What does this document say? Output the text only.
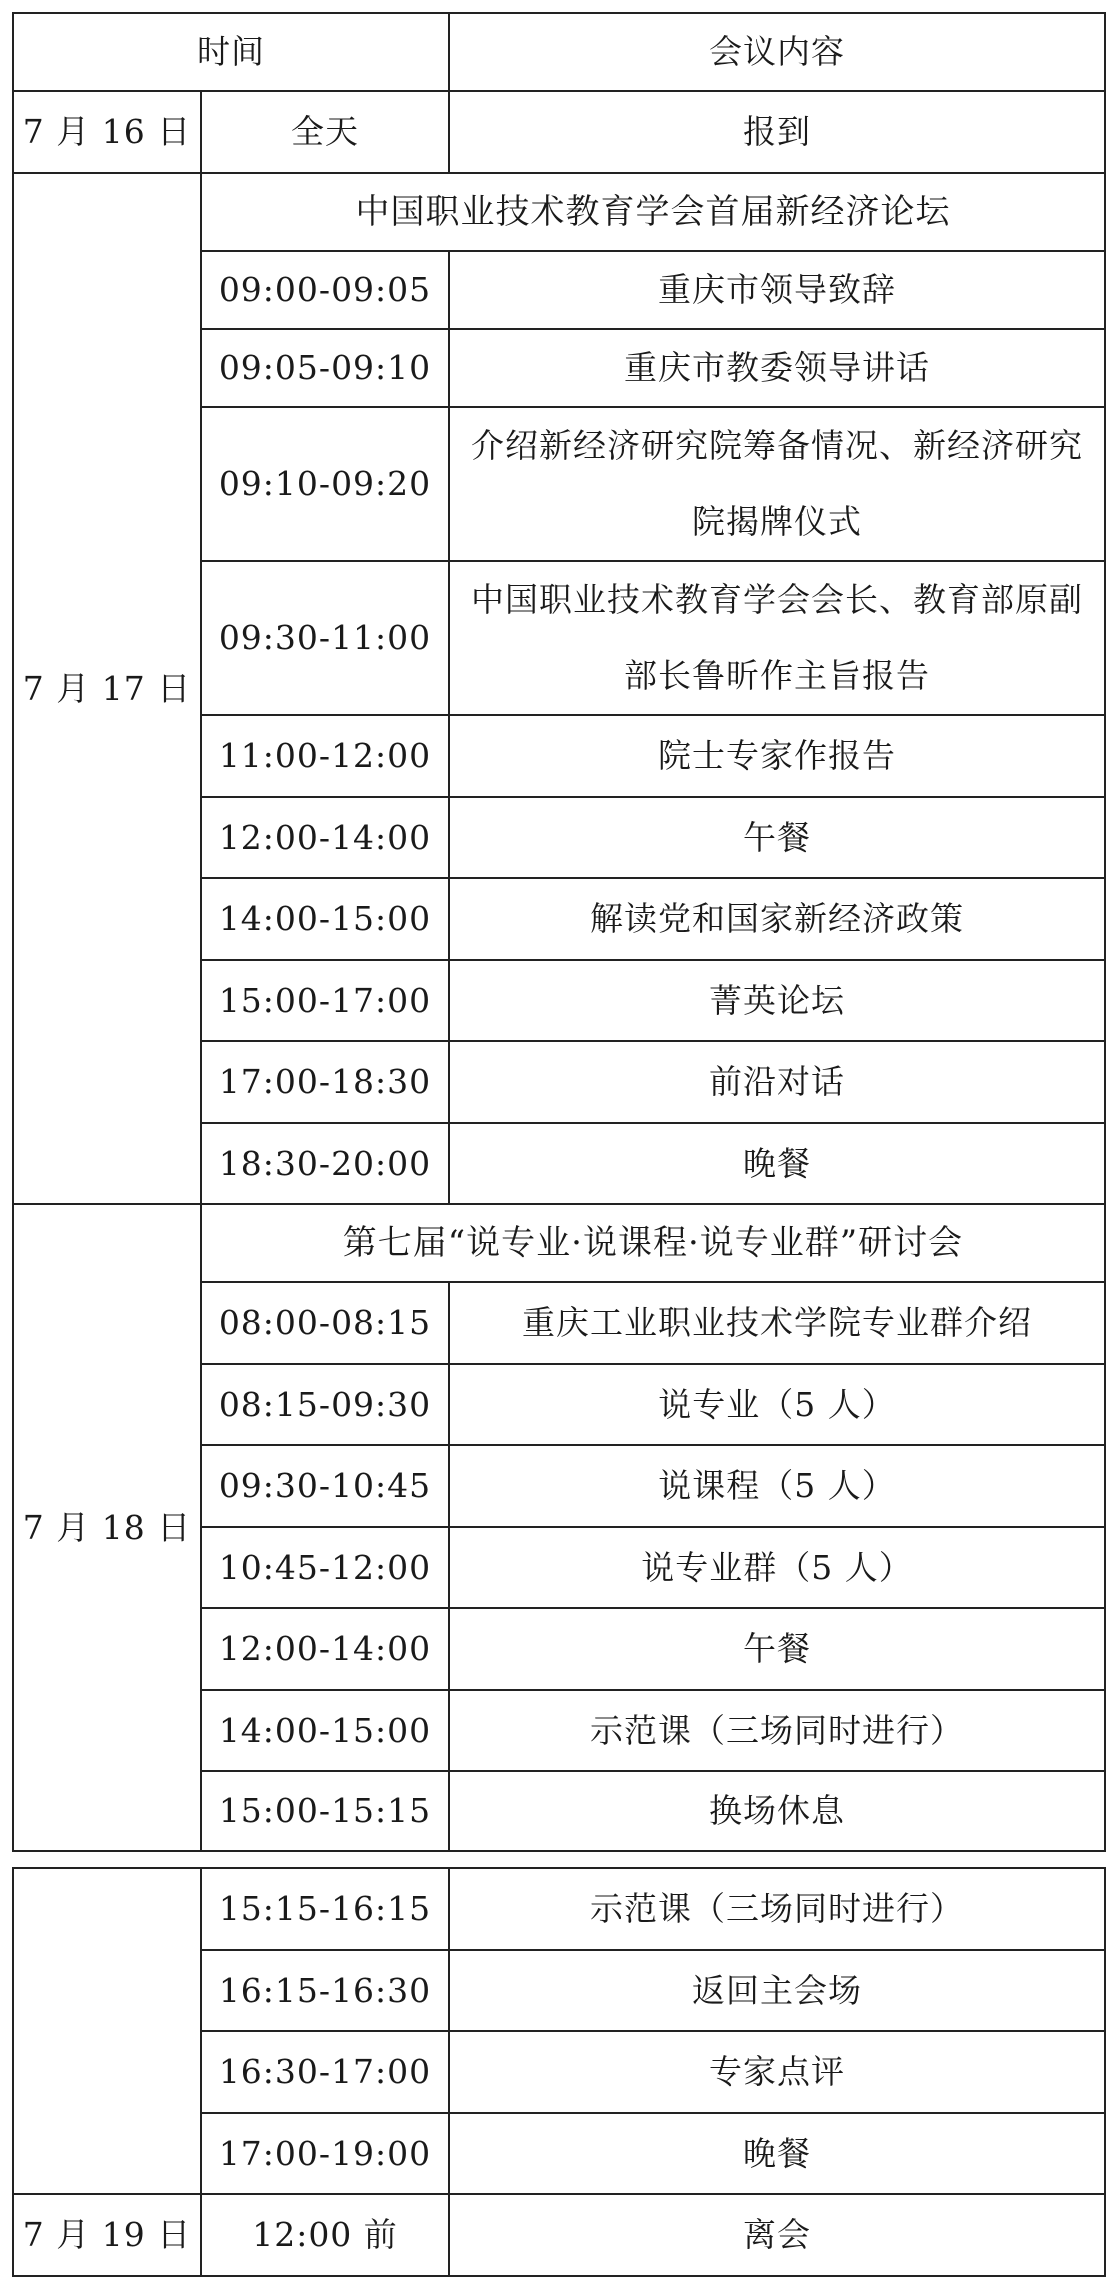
时间		会议内容
7 月 16 日	全天	报到
7 月 17 日	中国职业技术教育学会首届新经济论坛	
	09:00-09:05	重庆市领导致辞
	09:05-09:10	重庆市教委领导讲话
	09:10-09:20	介绍新经济研究院筹备情况、新经济研究院揭牌仪式
	09:30-11:00	中国职业技术教育学会会长、教育部原副部长鲁昕作主旨报告
	11:00-12:00	院士专家作报告
	12:00-14:00	午餐
	14:00-15:00	解读党和国家新经济政策
	15:00-17:00	菁英论坛
	17:00-18:30	前沿对话
	18:30-20:00	晚餐
7 月 18 日	第七届“说专业·说课程·说专业群”研讨会	
	08:00-08:15	重庆工业职业技术学院专业群介绍
	08:15-09:30	说专业（5 人）
	09:30-10:45	说课程（5 人）
	10:45-12:00	说专业群（5 人）
	12:00-14:00	午餐
	14:00-15:00	示范课（三场同时进行）
	15:00-15:15	换场休息
	15:15-16:15	示范课（三场同时进行）
	16:15-16:30	返回主会场
	16:30-17:00	专家点评
	17:00-19:00	晚餐
7 月 19 日	12:00 前	离会
